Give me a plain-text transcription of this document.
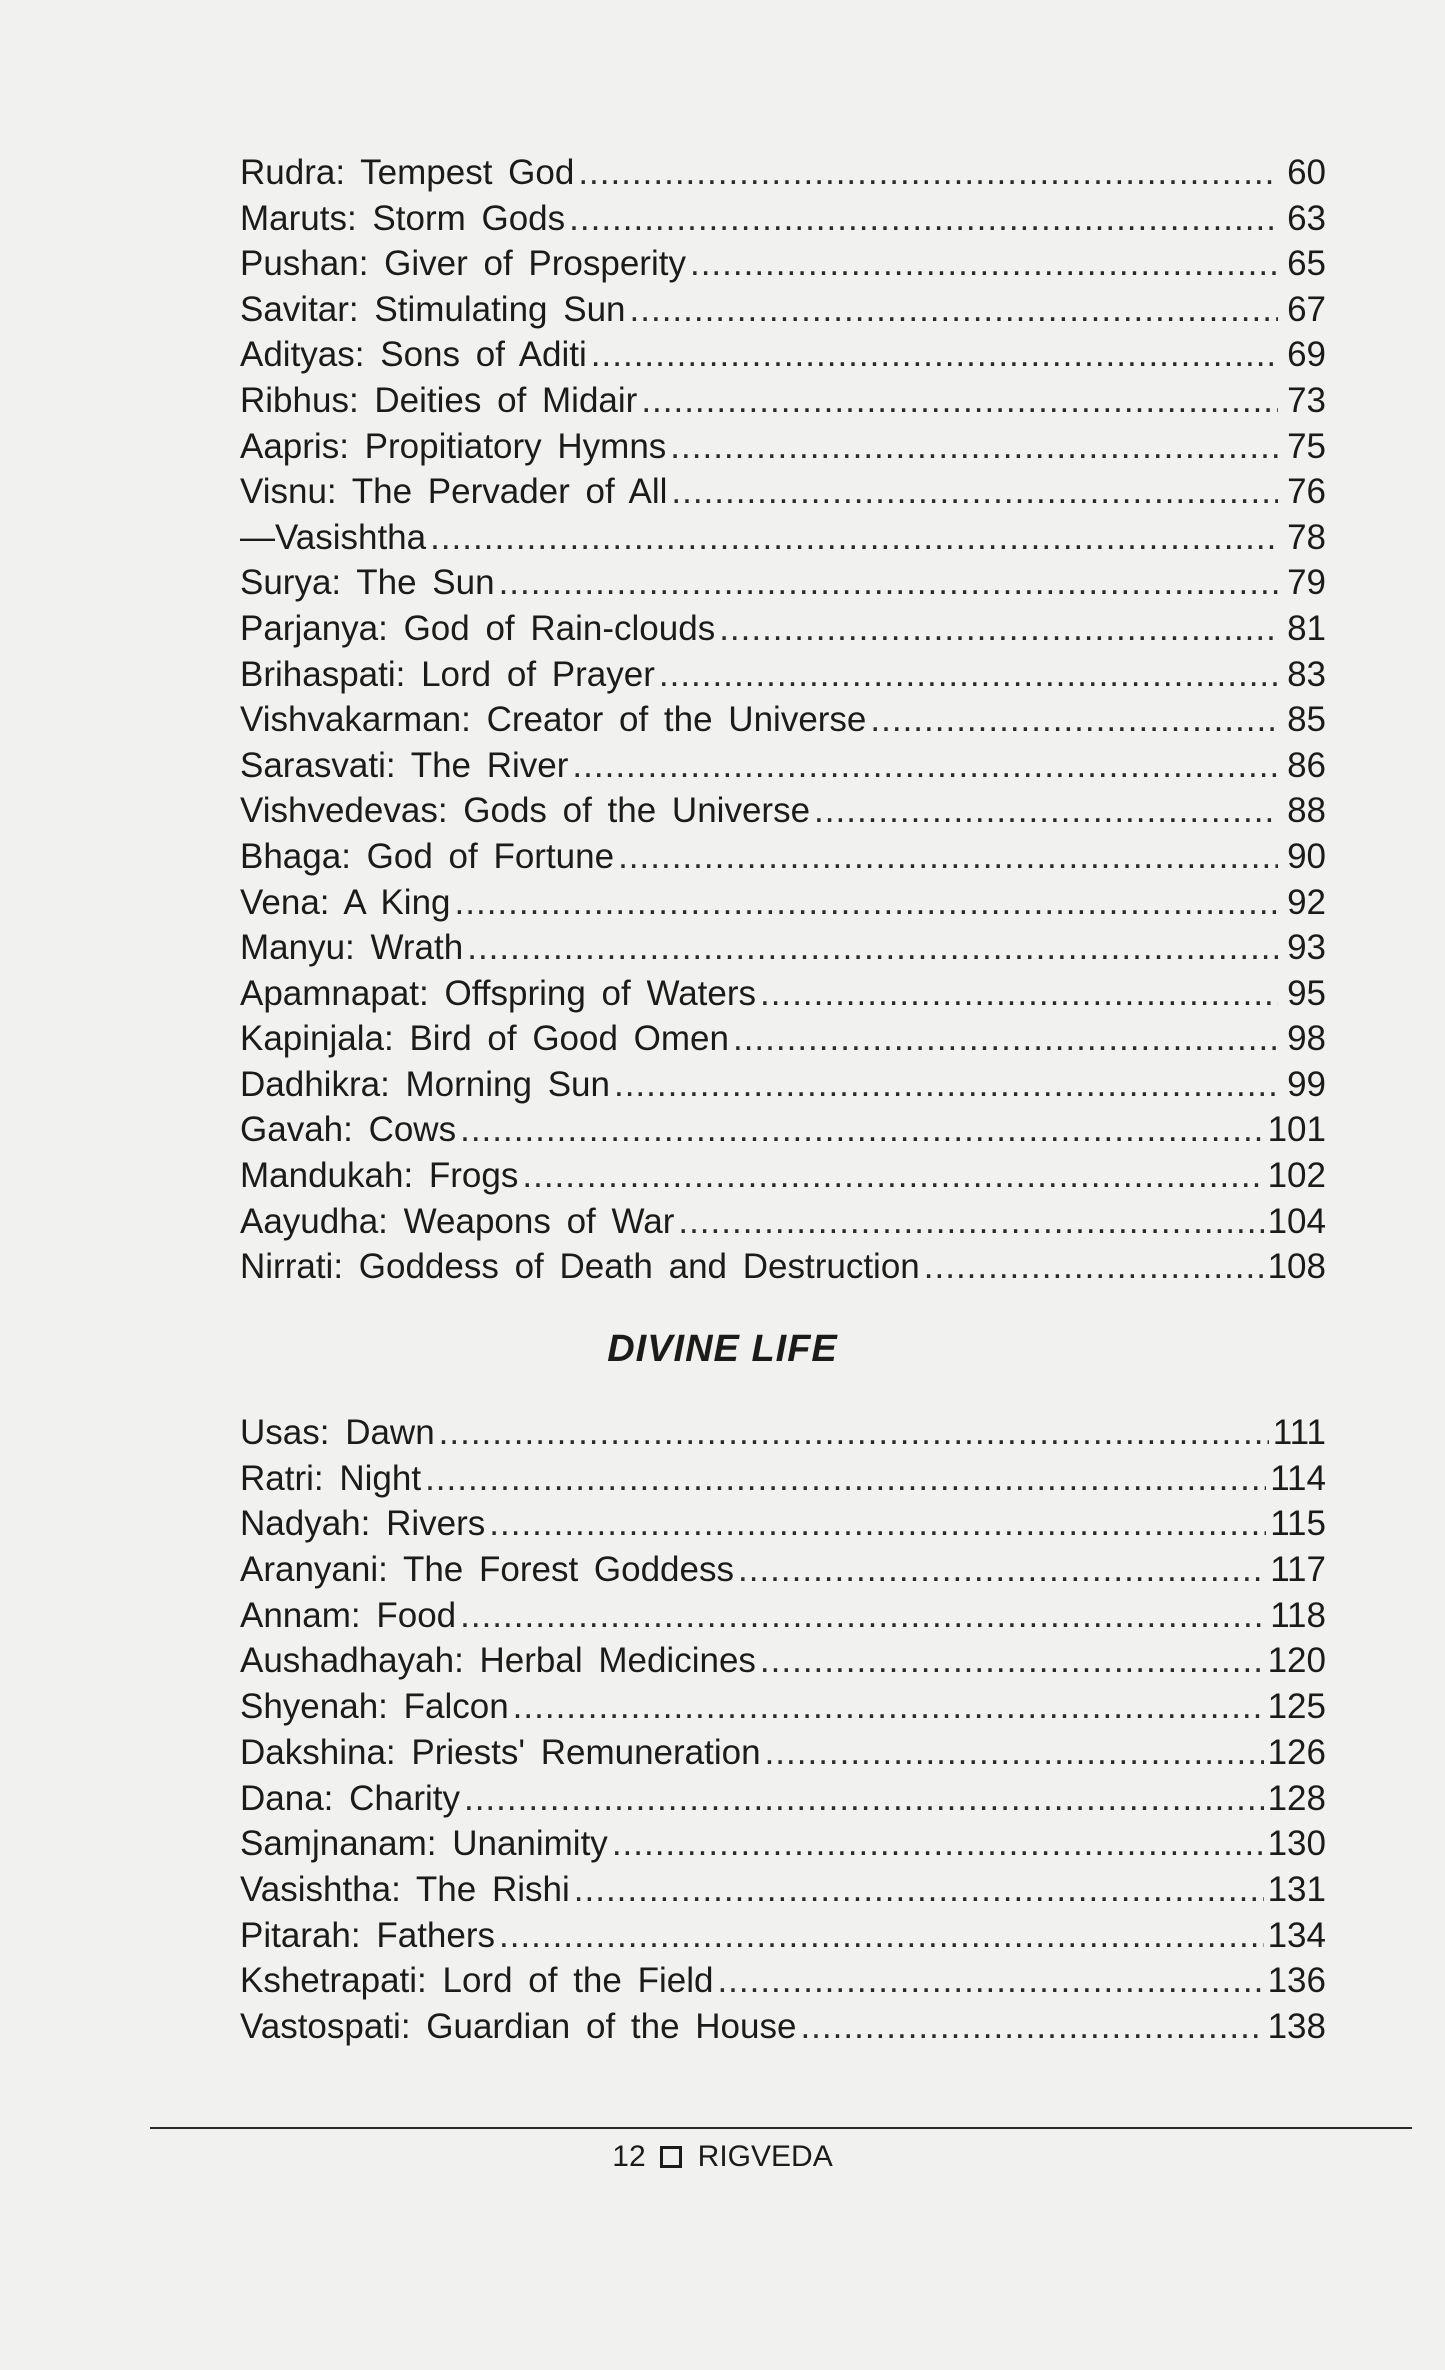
Rudra: Tempest God .....	60
Maruts: Storm Gods .....	63
Pushan: Giver of Prosperity .....	65
Savitar: Stimulating Sun .....	67
Adityas: Sons of Aditi .....	69
Ribhus: Deities of Midair .....	73
Aapris: Propitiatory Hymns .....	75
Visnu: The Pervader of All .....	76
—Vasishtha .....	78
Surya: The Sun .....	79
Parjanya: God of Rain-clouds .....	81
Brihaspati: Lord of Prayer .....	83
Vishvakarman: Creator of the Universe .....	85
Sarasvati: The River .....	86
Vishvedevas: Gods of the Universe .....	88
Bhaga: God of Fortune .....	90
Vena: A King .....	92
Manyu: Wrath .....	93
Apamnapat: Offspring of Waters .....	95
Kapinjala: Bird of Good Omen .....	98
Dadhikra: Morning Sun .....	99
Gavah: Cows .....	101
Mandukah: Frogs .....	102
Aayudha: Weapons of War .....	104
Nirrati: Goddess of Death and Destruction .....	108
DIVINE LIFE
Usas: Dawn .....	111
Ratri: Night .....	114
Nadyah: Rivers .....	115
Aranyani: The Forest Goddess .....	117
Annam: Food .....	118
Aushadhayah: Herbal Medicines .....	120
Shyenah: Falcon .....	125
Dakshina: Priests' Remuneration .....	126
Dana: Charity .....	128
Samjnanam: Unanimity .....	130
Vasishtha: The Rishi .....	131
Pitarah: Fathers .....	134
Kshetrapati: Lord of the Field .....	136
Vastospati: Guardian of the House .....	138
12 RIGVEDA
